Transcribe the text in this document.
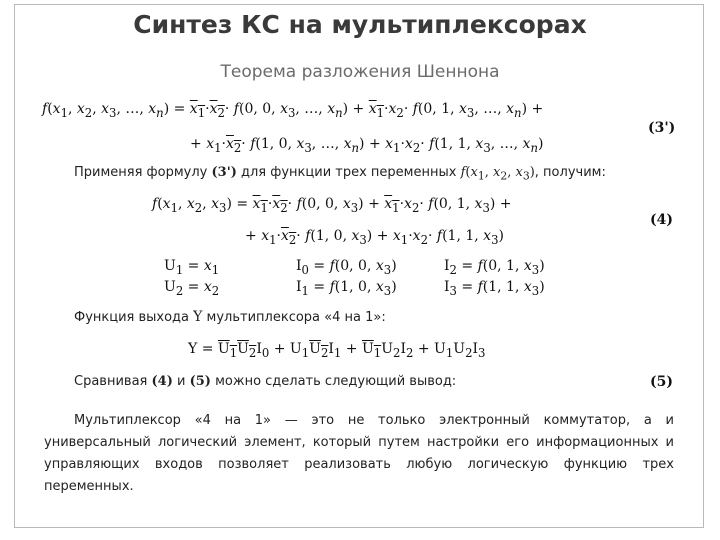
Синтез КС на мультиплексорах
Теорема разложения Шеннона
$f(x_1$, $x_2$, $x_3$, …, $x_n) = x_1\cdot x_2\cdot f(0$, 0, $x_3$, …, $x_n) + x_1\cdot x_2\cdot f(0$, 1, $x_3$, …, $x_n$) +
+ $x_1\cdot x_2\cdot f(1$, 0, $x_3$, …, $x_n) + x_1\cdot x_2\cdot f(1$, 1, $x_3$, …, $x_n$)
(3')
Применяя формулу (3') для функции трех переменных $f(x_1$, $x_2$, $x_3$), получим:
$f(x_1$, $x_2$, $x_3) = x_1\cdot x_2\cdot f(0$, 0, $x_3) + x_1\cdot x_2\cdot f(0$, 1, $x_3$) +
+ $x_1\cdot x_2\cdot f(1$, 0, $x_3) + x_1\cdot x_2\cdot f(1$, 1, $x_3$)
(4)
$U_1 = x_1$
$U_2 = x_2$
$I_0 = f(0$, 0, $x_3$)
$I_1 = f(1$, 0, $x_3$)
$I_2 = f(0$, 1, $x_3$)
$I_3 = f(1$, 1, $x_3$)
Функция выхода Y мультиплексора «4 на 1»:
$Y = U_1U_2I_0 + U_1U_2I_1 + U_1U_2I_2 + U_1U_2I_3$
Сравнивая (4) и (5) можно сделать следующий вывод:	(5)
Мультиплексор «4 на 1» — это не только электронный коммутатор, а и универсальный логический элемент, который путем настройки его информационных и управляющих входов позволяет реализовать любую логическую функцию трех переменных.
